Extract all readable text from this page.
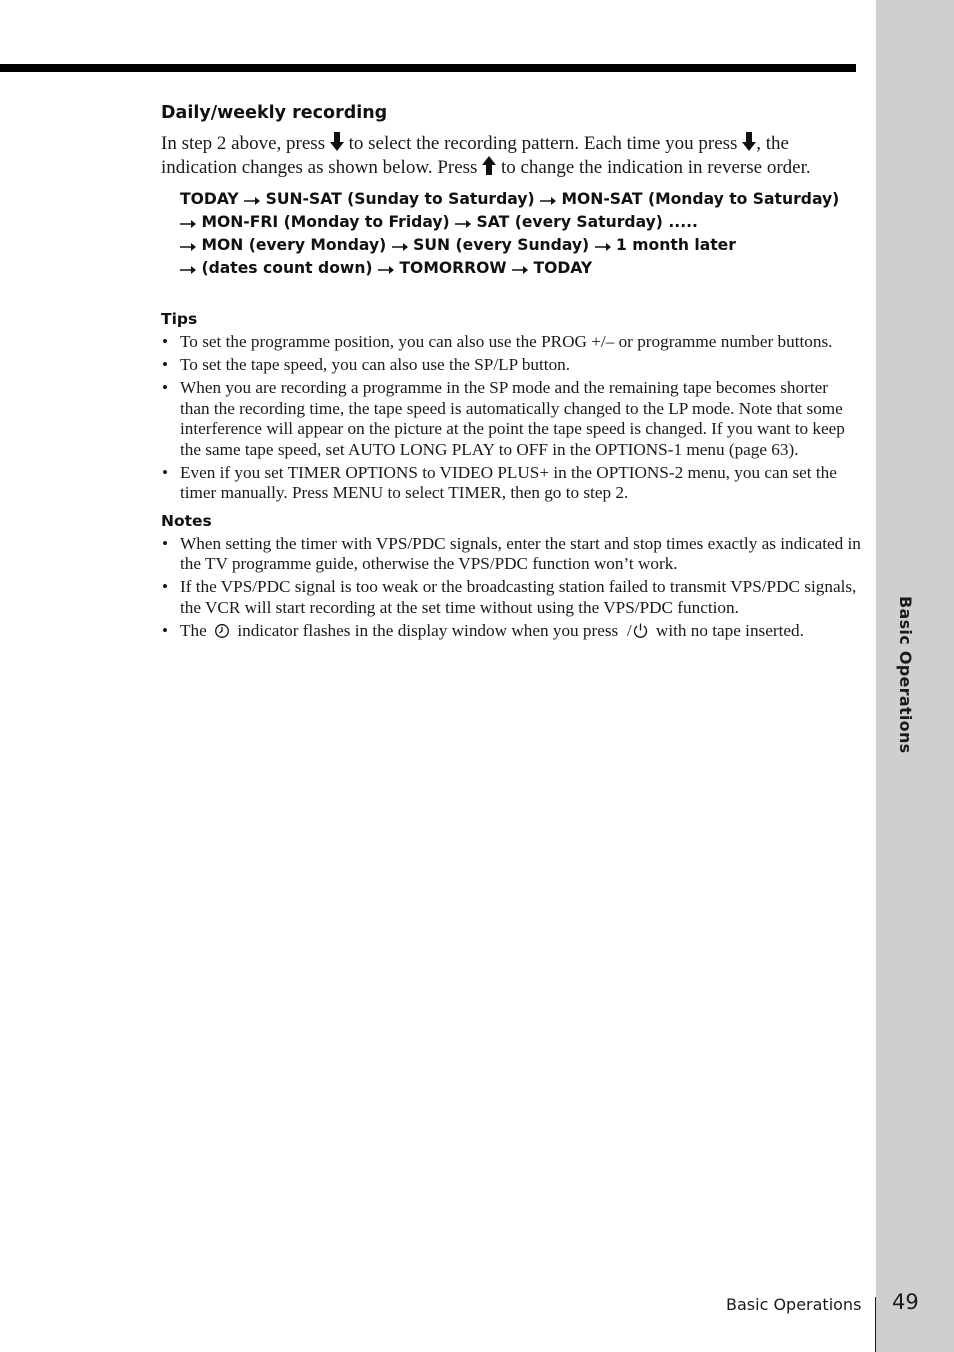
Basic Operations
Daily/weekly recording

In step 2 above, press to select the recording pattern. Each time you press , the indication changes as shown below. Press to change the indication in reverse order.

TODAY SUN-SAT (Sunday to Saturday) MON-SAT (Monday to Saturday)
MON-FRI (Monday to Friday) SAT (every Saturday) .....
MON (every Monday) SUN (every Sunday) 1 month later
(dates count down) TOMORROW TODAY
Tips
• To set the programme position, you can also use the PROG +/– or programme number buttons.
• To set the tape speed, you can also use the SP/LP button.
• When you are recording a programme in the SP mode and the remaining tape becomes shorter than the recording time, the tape speed is automatically changed to the LP mode. Note that some interference will appear on the picture at the point the tape speed is changed. If you want to keep the same tape speed, set AUTO LONG PLAY to OFF in the OPTIONS-1 menu (page 63).
• Even if you set TIMER OPTIONS to VIDEO PLUS+ in the OPTIONS-2 menu, you can set the timer manually. Press MENU to select TIMER, then go to step 2.
Notes
• When setting the timer with VPS/PDC signals, enter the start and stop times exactly as indicated in the TV programme guide, otherwise the VPS/PDC function won’t work.
• If the VPS/PDC signal is too weak or the broadcasting station failed to transmit VPS/PDC signals, the VCR will start recording at the set time without using the VPS/PDC function.
• The indicator flashes in the display window when you press / with no tape inserted.
Basic Operations 49
